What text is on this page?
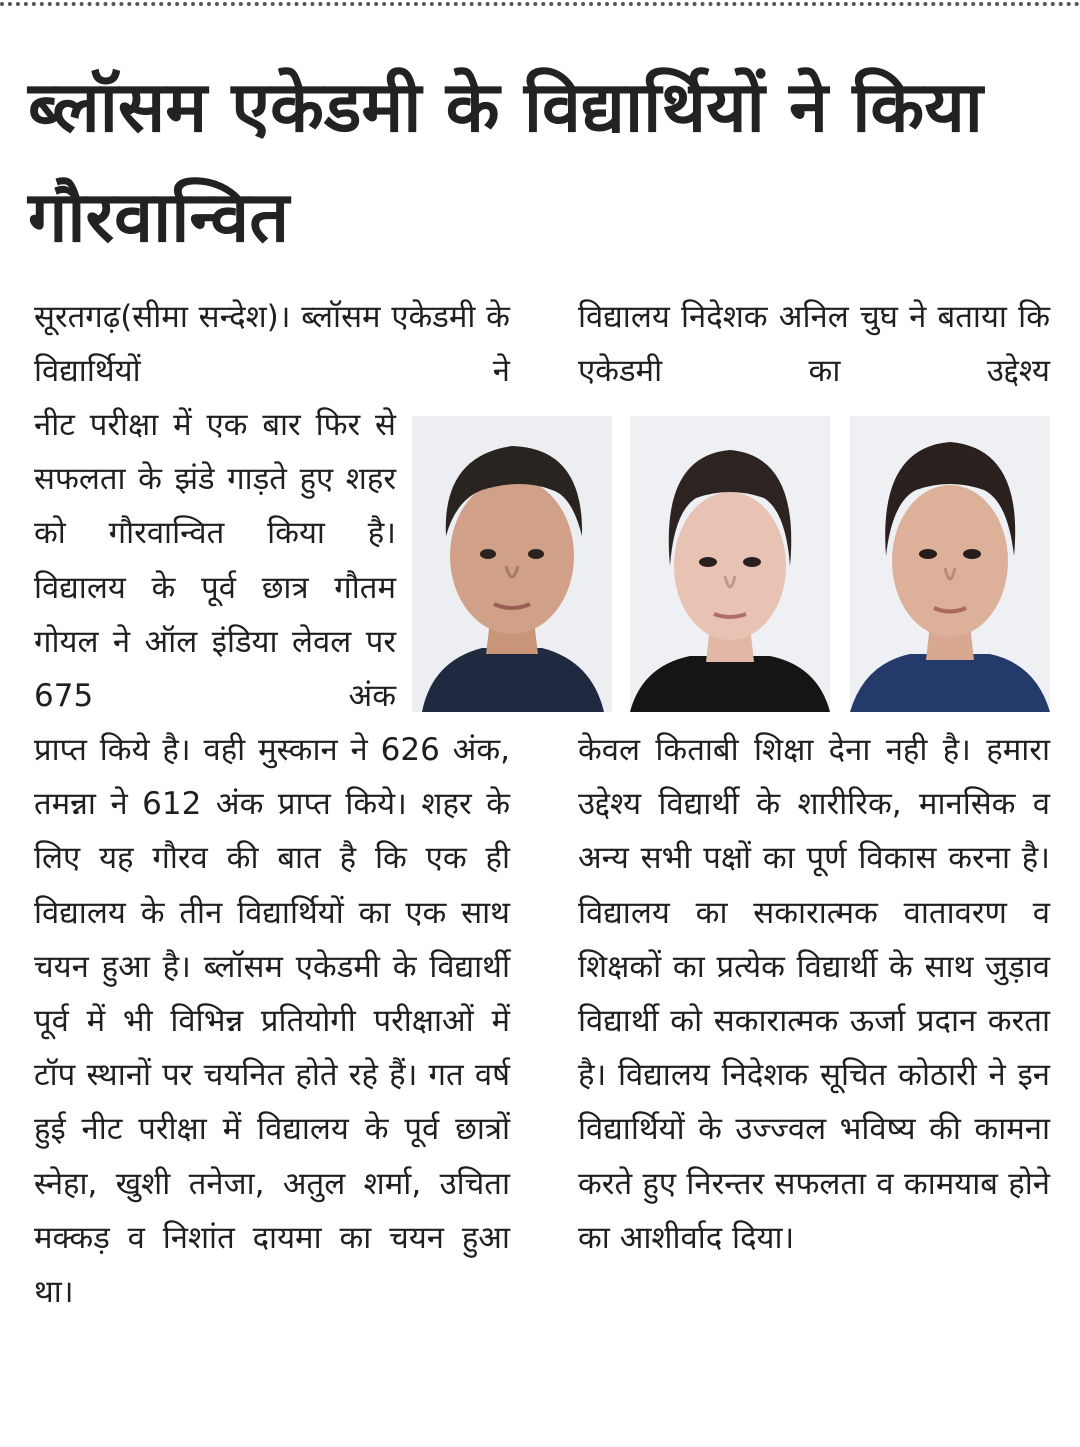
ब्लॉसम एकेडमी के विद्यार्थियों ने किया गौरवान्वित

सूरतगढ़(सीमा सन्देश)। ब्लॉसम एकेडमी के विद्यार्थियों ने

नीट परीक्षा में एक बार फिर से सफलता के झंडे गाड़ते हुए शहर को गौरवान्वित किया है। विद्यालय के पूर्व छात्र गौतम गोयल ने ऑल इंडिया लेवल पर 675 अंक

प्राप्त किये है। वही मुस्कान ने 626 अंक, तमन्ना ने 612 अंक प्राप्त किये। शहर के लिए यह गौरव की बात है कि एक ही विद्यालय के तीन विद्यार्थियों का एक साथ चयन हुआ है। ब्लॉसम एकेडमी के विद्यार्थी पूर्व में भी विभिन्न प्रतियोगी परीक्षाओं में टॉप स्थानों पर चयनित होते रहे हैं। गत वर्ष हुई नीट परीक्षा में विद्यालय के पूर्व छात्रों स्नेहा, खुशी तनेजा, अतुल शर्मा, उचिता मक्कड़ व निशांत दायमा का चयन हुआ था।

विद्यालय निदेशक अनिल चुघ ने बताया कि एकेडमी का उद्देश्य

केवल किताबी शिक्षा देना नही है। हमारा उद्देश्य विद्यार्थी के शारीरिक, मानसिक व अन्य सभी पक्षों का पूर्ण विकास करना है। विद्यालय का सकारात्मक वातावरण व शिक्षकों का प्रत्येक विद्यार्थी के साथ जुड़ाव विद्यार्थी को सकारात्मक ऊर्जा प्रदान करता है। विद्यालय निदेशक सूचित कोठारी ने इन विद्यार्थियों के उज्ज्वल भविष्य की कामना करते हुए निरन्तर सफलता व कामयाब होने का आशीर्वाद दिया।
